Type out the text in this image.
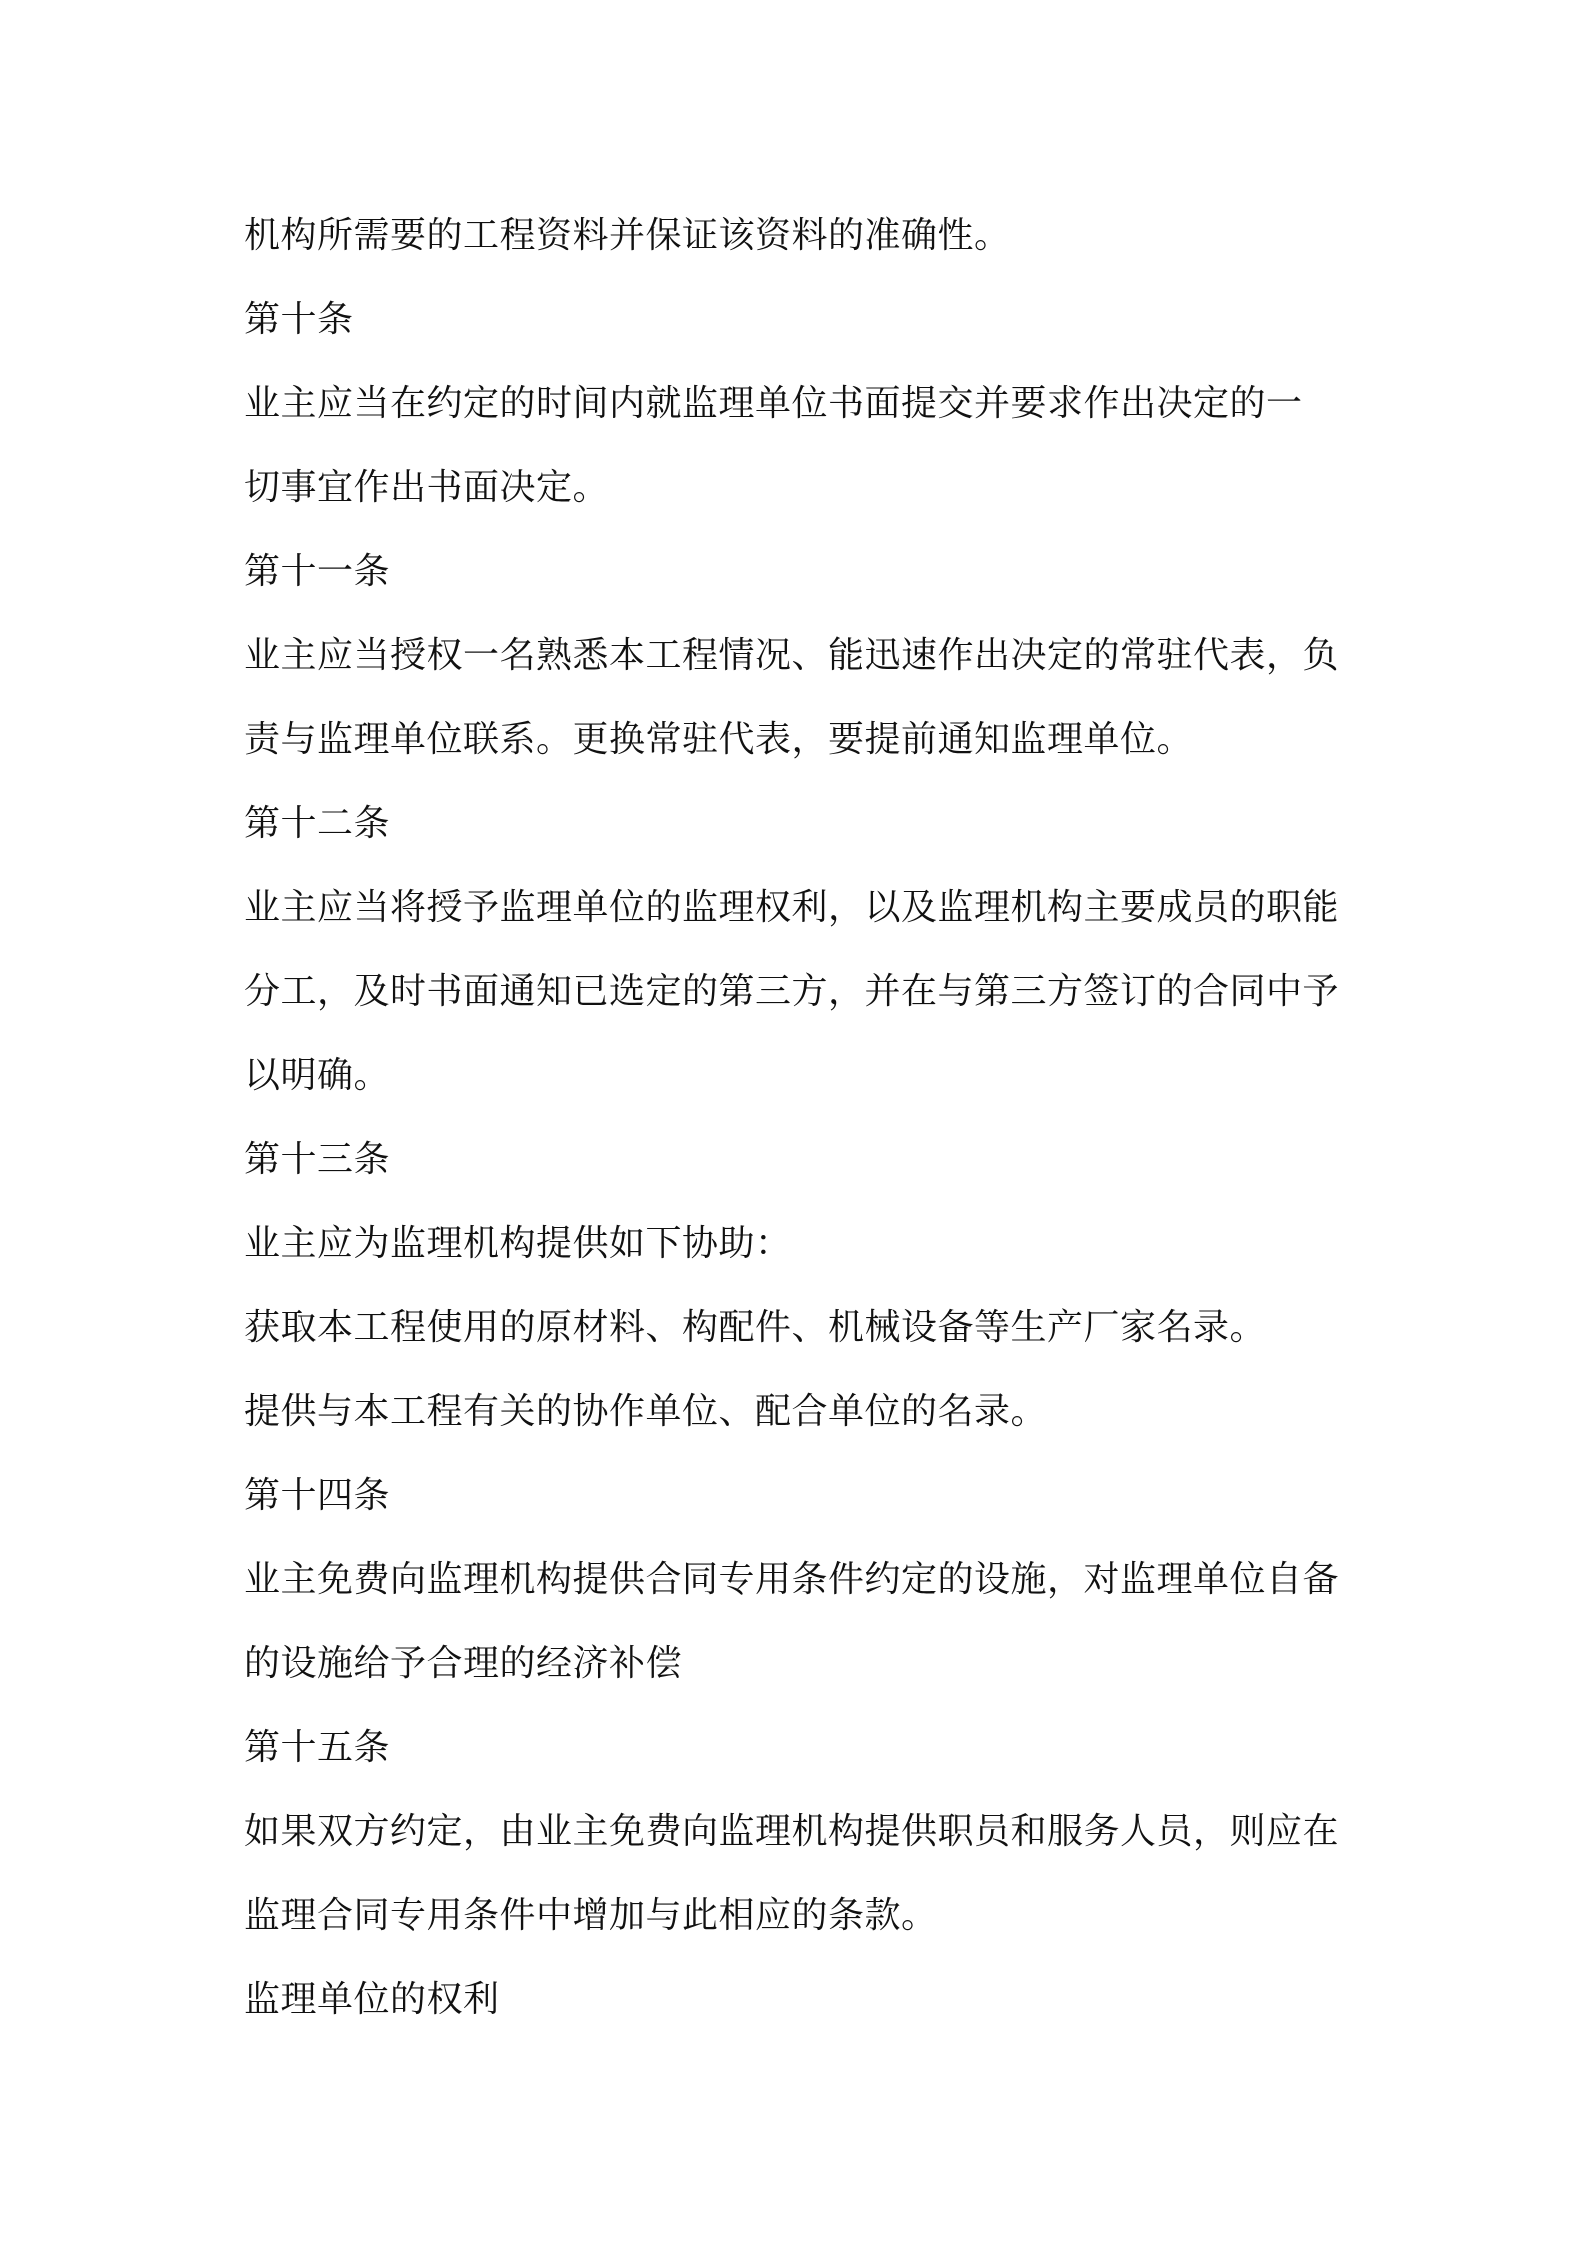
机构所需要的工程资料并保证该资料的准确性。

第十条

业主应当在约定的时间内就监理单位书面提交并要求作出决定的一

切事宜作出书面决定。

第十一条

业主应当授权一名熟悉本工程情况、能迅速作出决定的常驻代表，负

责与监理单位联系。更换常驻代表，要提前通知监理单位。

第十二条

业主应当将授予监理单位的监理权利，以及监理机构主要成员的职能

分工，及时书面通知已选定的第三方，并在与第三方签订的合同中予

以明确。

第十三条

业主应为监理机构提供如下协助：

获取本工程使用的原材料、构配件、机械设备等生产厂家名录。

提供与本工程有关的协作单位、配合单位的名录。

第十四条

业主免费向监理机构提供合同专用条件约定的设施，对监理单位自备

的设施给予合理的经济补偿

第十五条

如果双方约定，由业主免费向监理机构提供职员和服务人员，则应在

监理合同专用条件中增加与此相应的条款。

监理单位的权利
